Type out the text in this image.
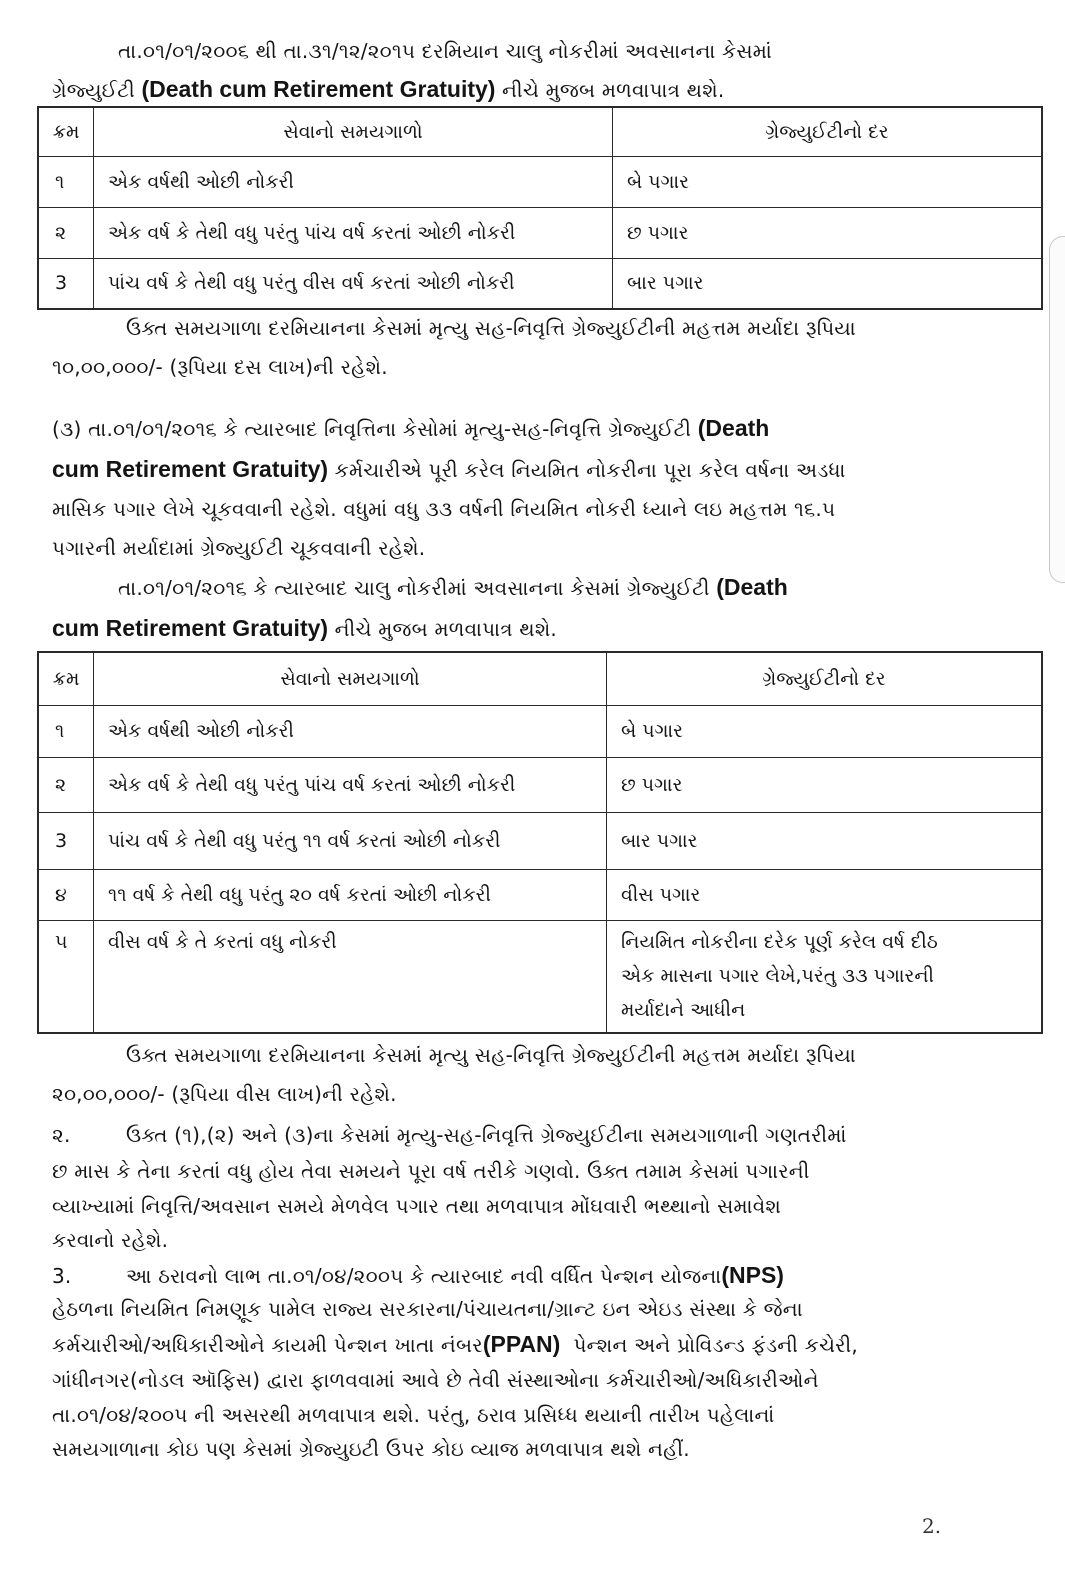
તા.૦૧/૦૧/૨૦૦૬ થી તા.૩૧/૧૨/૨૦૧૫ દરમિયાન ચાલુ નોકરીમાં અવસાનના કેસમાં
ગ્રેજ્યુઈટી (Death cum Retirement Gratuity) નીચે મુજબ મળવાપાત્ર થશે.
ક્રમ	સેવાનો સમયગાળો	ગ્રેજ્યુઈટીનો દર
૧	એક વર્ષથી ઓછી નોકરી	બે પગાર
૨	એક વર્ષ કે તેથી વધુ પરંતુ પાંચ વર્ષ કરતાં ઓછી નોકરી	છ પગાર
3	પાંચ વર્ષ કે તેથી વધુ પરંતુ વીસ વર્ષ કરતાં ઓછી નોકરી	બાર પગાર
ઉક્ત સમયગાળા દરમિયાનના કેસમાં મૃત્યુ સહ-નિવૃત્તિ ગ્રેજ્યુઈટીની મહત્તમ મર્યાદા રૂપિયા
૧૦,૦૦,૦૦૦/- (રૂપિયા દસ લાખ)ની રહેશે.
(૩) તા.૦૧/૦૧/૨૦૧૬ કે ત્યારબાદ નિવૃત્તિના કેસોમાં મૃત્યુ-સહ-નિવૃત્તિ ગ્રેજ્યુઈટી (Death
cum Retirement Gratuity) કર્મચારીએ પૂરી કરેલ નિયમિત નોકરીના પૂરા કરેલ વર્ષના અડધા
માસિક પગાર લેખે ચૂકવવાની રહેશે. વધુમાં વધુ ૩૩ વર્ષની નિયમિત નોકરી ધ્યાને લઇ મહત્તમ ૧૬.૫
પગારની મર્યાદામાં ગ્રેજ્યુઈટી ચૂકવવાની રહેશે.
તા.૦૧/૦૧/૨૦૧૬ કે ત્યારબાદ ચાલુ નોકરીમાં અવસાનના કેસમાં ગ્રેજ્યુઈટી (Death
cum Retirement Gratuity) નીચે મુજબ મળવાપાત્ર થશે.
ક્રમ	સેવાનો સમયગાળો	ગ્રેજ્યુઈટીનો દર
૧	એક વર્ષથી ઓછી નોકરી	બે પગાર
૨	એક વર્ષ કે તેથી વધુ પરંતુ પાંચ વર્ષ કરતાં ઓછી નોકરી	છ પગાર
3	પાંચ વર્ષ કે તેથી વધુ પરંતુ ૧૧ વર્ષ કરતાં ઓછી નોકરી	બાર પગાર
૪	૧૧ વર્ષ કે તેથી વધુ પરંતુ ૨૦ વર્ષ કરતાં ઓછી નોકરી	વીસ પગાર
૫	વીસ વર્ષ કે તે કરતાં વધુ નોકરી	નિયમિત નોકરીના દરેક પૂર્ણ કરેલ વર્ષ દીઠ
એક માસના પગાર લેખે,પરંતુ ૩૩ પગારની
મર્યાદાને આધીન
ઉક્ત સમયગાળા દરમિયાનના કેસમાં મૃત્યુ સહ-નિવૃત્તિ ગ્રેજ્યુઈટીની મહત્તમ મર્યાદા રૂપિયા
૨૦,૦૦,૦૦૦/- (રૂપિયા વીસ લાખ)ની રહેશે.
૨.	ઉક્ત (૧),(૨) અને (૩)ના કેસમાં મૃત્યુ-સહ-નિવૃત્તિ ગ્રેજ્યુઈટીના સમયગાળાની ગણતરીમાં
છ માસ કે તેના કરતાં વધુ હોય તેવા સમયને પૂરા વર્ષ તરીકે ગણવો. ઉક્ત તમામ કેસમાં પગારની
વ્યાખ્યામાં નિવૃત્તિ/અવસાન સમયે મેળવેલ પગાર તથા મળવાપાત્ર મોંઘવારી ભથ્થાનો સમાવેશ
કરવાનો રહેશે.
3.	આ ઠરાવનો લાભ તા.૦૧/૦૪/૨૦૦૫ કે ત્યારબાદ નવી વર્ધિત પેન્શન યોજના(NPS)
હેઠળના નિયમિત નિમણૂક પામેલ રાજ્ય સરકારના/પંચાયતના/ગ્રાન્ટ ઇન એઇડ સંસ્થા કે જેના
કર્મચારીઓ/અધિકારીઓને કાયમી પેન્શન ખાતા નંબર(PPAN) પેન્શન અને પ્રોવિડન્ડ ફંડની કચેરી,
ગાંધીનગર(નોડલ ઑફિસ) દ્વારા ફાળવવામાં આવે છે તેવી સંસ્થાઓના કર્મચારીઓ/અધિકારીઓને
તા.૦૧/૦૪/૨૦૦૫ ની અસરથી મળવાપાત્ર થશે. પરંતુ, ઠરાવ પ્રસિધ્ધ થયાની તારીખ પહેલાનાં
સમયગાળાના કોઇ પણ કેસમાં ગ્રેજ્યુઇટી ઉપર કોઇ વ્યાજ મળવાપાત્ર થશે નહીં.
2.
